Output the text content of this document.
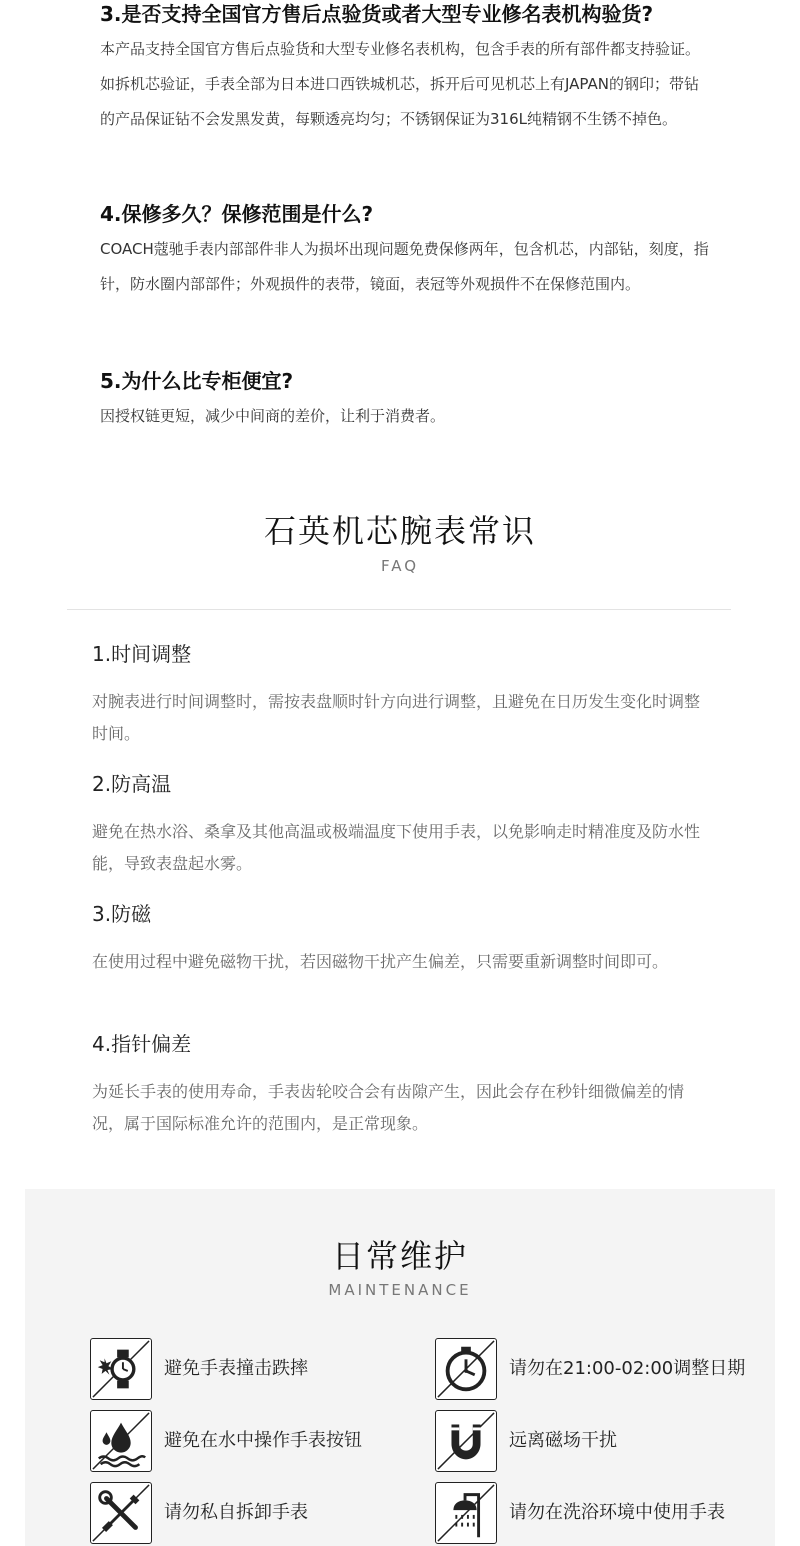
3.是否支持全国官方售后点验货或者大型专业修名表机构验货?

本产品支持全国官方售后点验货和大型专业修名表机构，包含手表的所有部件都支持验证。如拆机芯验证，手表全部为日本进口西铁城机芯，拆开后可见机芯上有JAPAN的钢印；带钻的产品保证钻不会发黑发黄，每颗透亮均匀；不锈钢保证为316L纯精钢不生锈不掉色。

4.保修多久？保修范围是什么?

COACH蔻驰手表内部部件非人为损坏出现问题免费保修两年，包含机芯，内部钻，刻度，指针，防水圈内部部件；外观损件的表带，镜面，表冠等外观损件不在保修范围内。

5.为什么比专柜便宜?

因授权链更短，减少中间商的差价，让利于消费者。

石英机芯腕表常识
FAQ
1.时间调整

对腕表进行时间调整时，需按表盘顺时针方向进行调整，且避免在日历发生变化时调整时间。

2.防高温

避免在热水浴、桑拿及其他高温或极端温度下使用手表，以免影响走时精准度及防水性能，导致表盘起水雾。

3.防磁

在使用过程中避免磁物干扰，若因磁物干扰产生偏差，只需要重新调整时间即可。

4.指针偏差

为延长手表的使用寿命，手表齿轮咬合会有齿隙产生，因此会存在秒针细微偏差的情况，属于国际标准允许的范围内，是正常现象。

日常维护
MAINTENANCE
避免手表撞击跌摔	请勿在21:00-02:00调整日期
避免在水中操作手表按钮	远离磁场干扰
请勿私自拆卸手表	请勿在洗浴环境中使用手表
